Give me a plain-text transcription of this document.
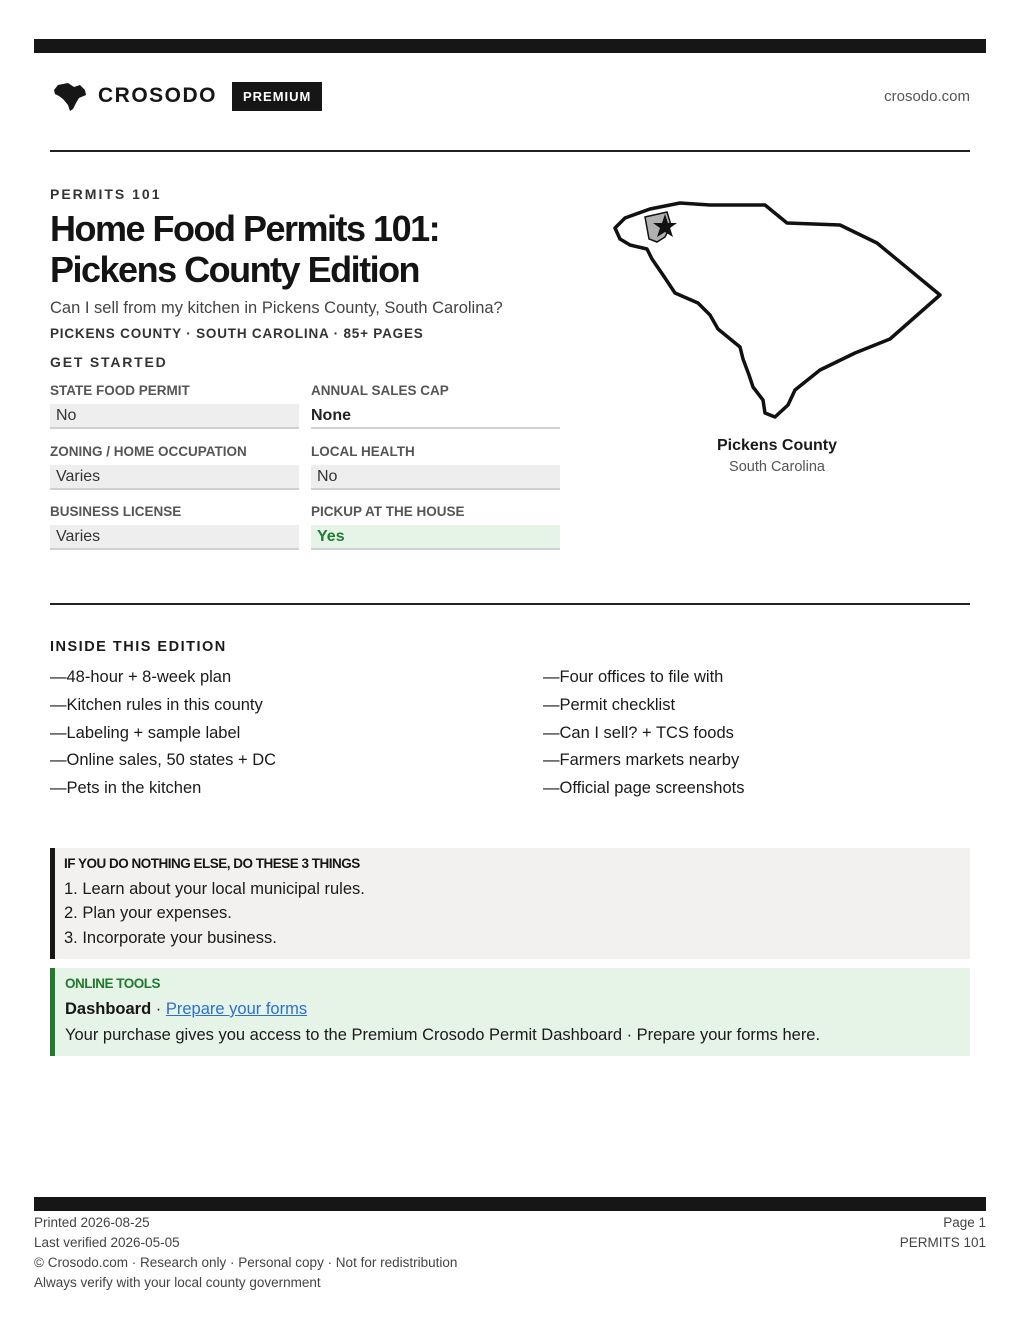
CROSODO	PREMIUM	crosodo.com
PERMITS 101
Home Food Permits 101: Pickens County Edition
Can I sell from my kitchen in Pickens County, South Carolina?
PICKENS COUNTY · SOUTH CAROLINA · 85+ PAGES
GET STARTED
STATE FOOD PERMIT
No
ANNUAL SALES CAP
None
ZONING / HOME OCCUPATION
Varies
LOCAL HEALTH
No
BUSINESS LICENSE
Varies
PICKUP AT THE HOUSE
Yes
Pickens County
South Carolina
INSIDE THIS EDITION
—48-hour + 8-week plan
—Kitchen rules in this county
—Labeling + sample label
—Online sales, 50 states + DC
—Pets in the kitchen
—Four offices to file with
—Permit checklist
—Can I sell? + TCS foods
—Farmers markets nearby
—Official page screenshots
IF YOU DO NOTHING ELSE, DO THESE 3 THINGS
1. Learn about your local municipal rules.
2. Plan your expenses.
3. Incorporate your business.
ONLINE TOOLS
Dashboard · Prepare your forms
Your purchase gives you access to the Premium Crosodo Permit Dashboard · Prepare your forms here.
Printed 2026-08-25
Last verified 2026-05-05
© Crosodo.com · Research only · Personal copy · Not for redistribution
Always verify with your local county government
Page 1
PERMITS 101
